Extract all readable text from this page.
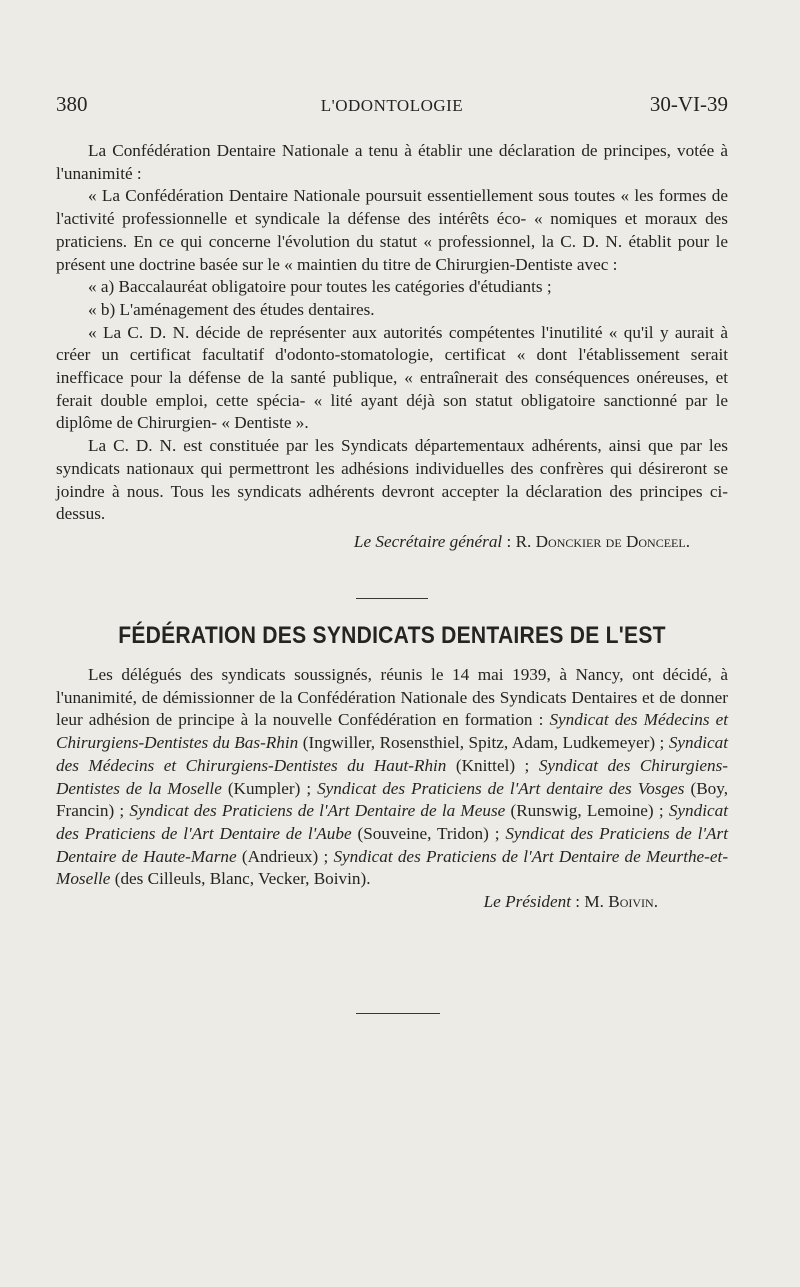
380	L'ODONTOLOGIE	30-VI-39

La Confédération Dentaire Nationale a tenu à établir une déclaration de principes, votée à l'unanimité :

« La Confédération Dentaire Nationale poursuit essentiellement sous toutes « les formes de l'activité professionnelle et syndicale la défense des intérêts éco- « nomiques et moraux des praticiens. En ce qui concerne l'évolution du statut « professionnel, la C. D. N. établit pour le présent une doctrine basée sur le « maintien du titre de Chirurgien-Dentiste avec :

« a) Baccalauréat obligatoire pour toutes les catégories d'étudiants ;

« b) L'aménagement des études dentaires.

« La C. D. N. décide de représenter aux autorités compétentes l'inutilité « qu'il y aurait à créer un certificat facultatif d'odonto-stomatologie, certificat « dont l'établissement serait inefficace pour la défense de la santé publique, « entraînerait des conséquences onéreuses, et ferait double emploi, cette spécia- « lité ayant déjà son statut obligatoire sanctionné par le diplôme de Chirurgien- « Dentiste ».

La C. D. N. est constituée par les Syndicats départementaux adhérents, ainsi que par les syndicats nationaux qui permettront les adhésions individuelles des confrères qui désireront se joindre à nous. Tous les syndicats adhérents devront accepter la déclaration des principes ci-dessus.

Le Secrétaire général : R. Donckier de Donceel.

FÉDÉRATION DES SYNDICATS DENTAIRES DE L'EST

Les délégués des syndicats soussignés, réunis le 14 mai 1939, à Nancy, ont décidé, à l'unanimité, de démissionner de la Confédération Nationale des Syndicats Dentaires et de donner leur adhésion de principe à la nouvelle Confédération en formation : Syndicat des Médecins et Chirurgiens-Dentistes du Bas-Rhin (Ingwiller, Rosensthiel, Spitz, Adam, Ludkemeyer) ; Syndicat des Médecins et Chirurgiens-Dentistes du Haut-Rhin (Knittel) ; Syndicat des Chirurgiens-Dentistes de la Moselle (Kumpler) ; Syndicat des Praticiens de l'Art dentaire des Vosges (Boy, Francin) ; Syndicat des Praticiens de l'Art Dentaire de la Meuse (Runswig, Lemoine) ; Syndicat des Praticiens de l'Art Dentaire de l'Aube (Souveine, Tridon) ; Syndicat des Praticiens de l'Art Dentaire de Haute-Marne (Andrieux) ; Syndicat des Praticiens de l'Art Dentaire de Meurthe-et-Moselle (des Cilleuls, Blanc, Vecker, Boivin).

Le Président : M. Boivin.
